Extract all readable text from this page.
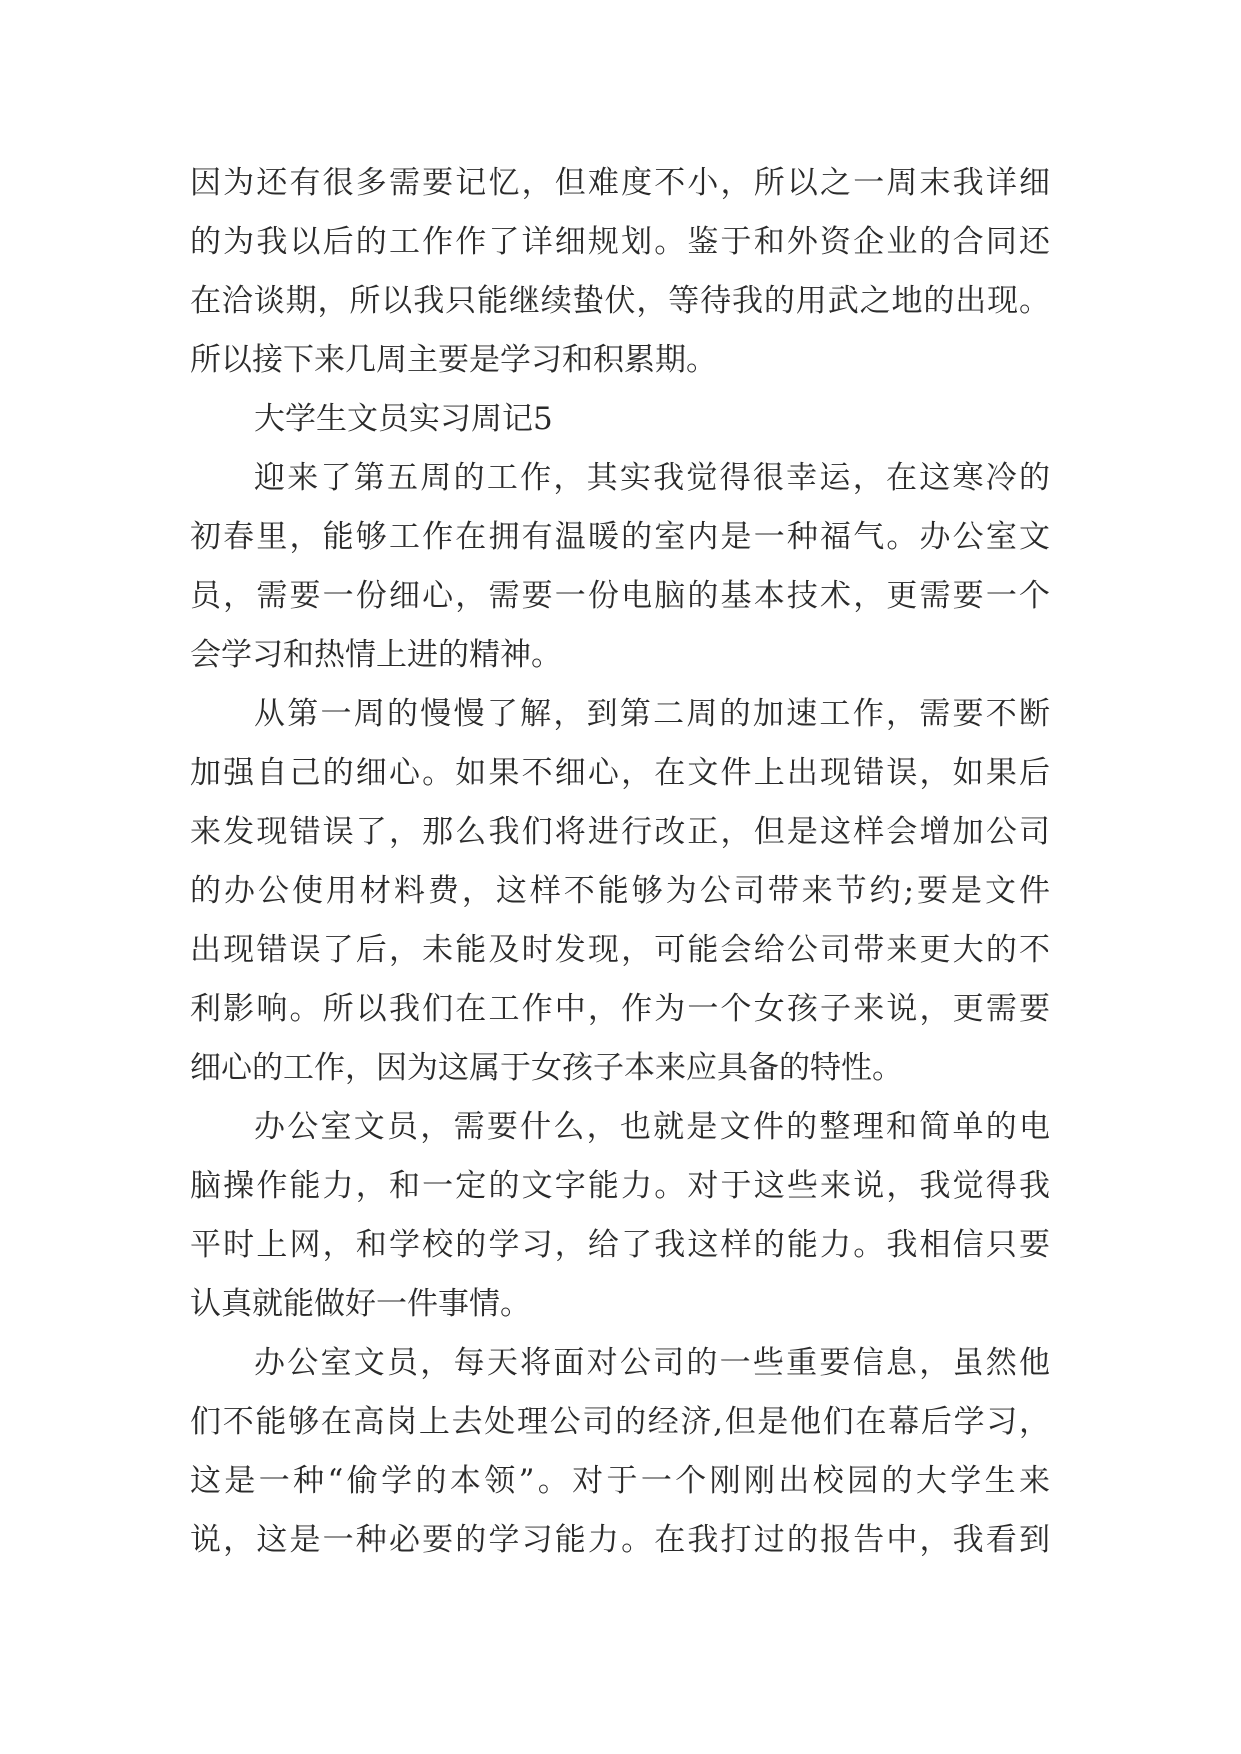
因为还有很多需要记忆，但难度不小，所以之一周末我详细
的为我以后的工作作了详细规划。鉴于和外资企业的合同还
在洽谈期，所以我只能继续蛰伏，等待我的用武之地的出现。
所以接下来几周主要是学习和积累期。
大学生文员实习周记5
迎来了第五周的工作，其实我觉得很幸运，在这寒冷的
初春里，能够工作在拥有温暖的室内是一种福气。办公室文
员，需要一份细心，需要一份电脑的基本技术，更需要一个
会学习和热情上进的精神。
从第一周的慢慢了解，到第二周的加速工作，需要不断
加强自己的细心。如果不细心，在文件上出现错误，如果后
来发现错误了，那么我们将进行改正，但是这样会增加公司
的办公使用材料费，这样不能够为公司带来节约;要是文件
出现错误了后，未能及时发现，可能会给公司带来更大的不
利影响。所以我们在工作中，作为一个女孩子来说，更需要
细心的工作，因为这属于女孩子本来应具备的特性。
办公室文员，需要什么，也就是文件的整理和简单的电
脑操作能力，和一定的文字能力。对于这些来说，我觉得我
平时上网，和学校的学习，给了我这样的能力。我相信只要
认真就能做好一件事情。
办公室文员，每天将面对公司的一些重要信息，虽然他
们不能够在高岗上去处理公司的经济,但是他们在幕后学习，
这是一种“偷学的本领”。对于一个刚刚出校园的大学生来
说，这是一种必要的学习能力。在我打过的报告中，我看到
